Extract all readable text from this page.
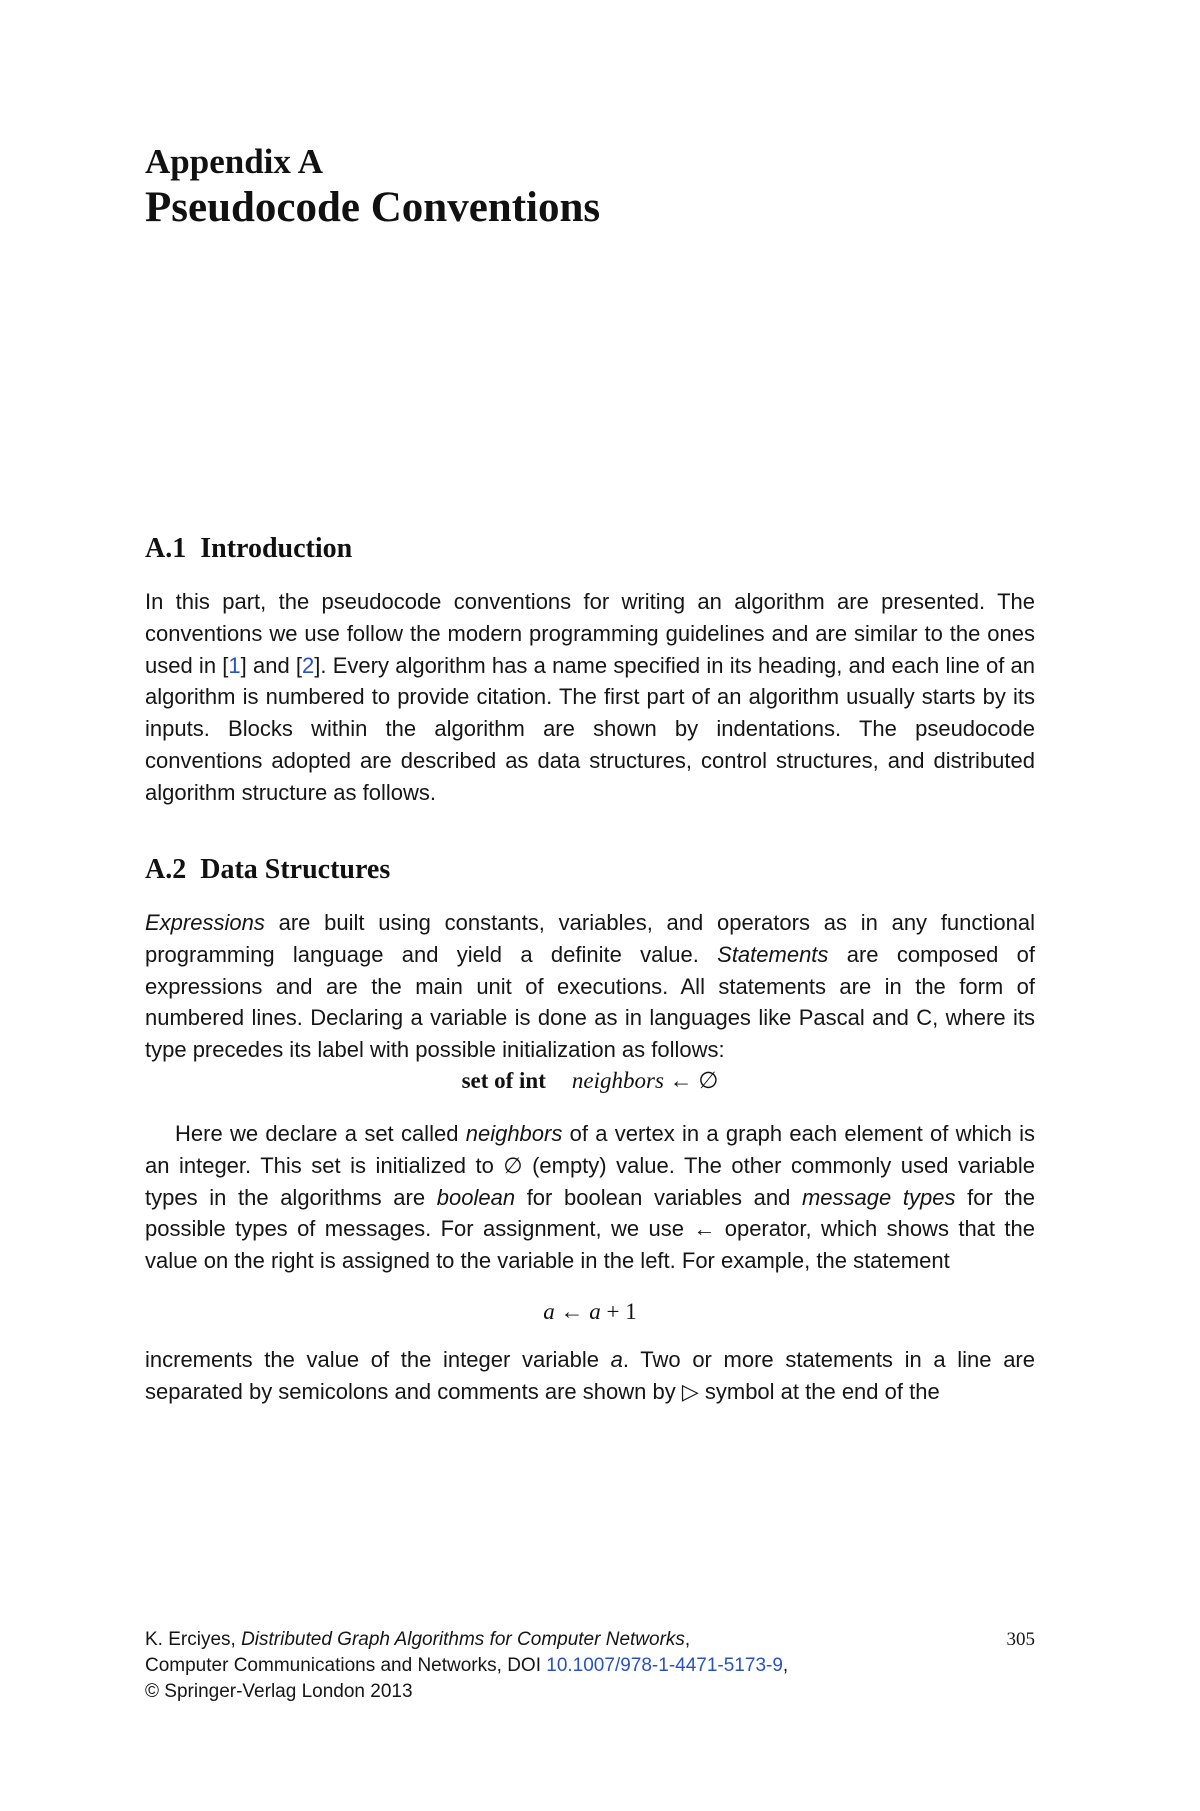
Appendix A
Pseudocode Conventions
A.1 Introduction

In this part, the pseudocode conventions for writing an algorithm are presented. The conventions we use follow the modern programming guidelines and are similar to the ones used in [1] and [2]. Every algorithm has a name specified in its heading, and each line of an algorithm is numbered to provide citation. The first part of an algorithm usually starts by its inputs. Blocks within the algorithm are shown by indentations. The pseudocode conventions adopted are described as data structures, control structures, and distributed algorithm structure as follows.

A.2 Data Structures

Expressions are built using constants, variables, and operators as in any functional programming language and yield a definite value. Statements are composed of expressions and are the main unit of executions. All statements are in the form of numbered lines. Declaring a variable is done as in languages like Pascal and C, where its type precedes its label with possible initialization as follows:

set of int neighbors ← ∅

Here we declare a set called neighbors of a vertex in a graph each element of which is an integer. This set is initialized to ∅ (empty) value. The other commonly used variable types in the algorithms are boolean for boolean variables and message types for the possible types of messages. For assignment, we use ← operator, which shows that the value on the right is assigned to the variable in the left. For example, the statement

a ← a + 1

increments the value of the integer variable a. Two or more statements in a line are separated by semicolons and comments are shown by ▷ symbol at the end of the

305
K. Erciyes, Distributed Graph Algorithms for Computer Networks,
Computer Communications and Networks, DOI 10.1007/978-1-4471-5173-9,
© Springer-Verlag London 2013
